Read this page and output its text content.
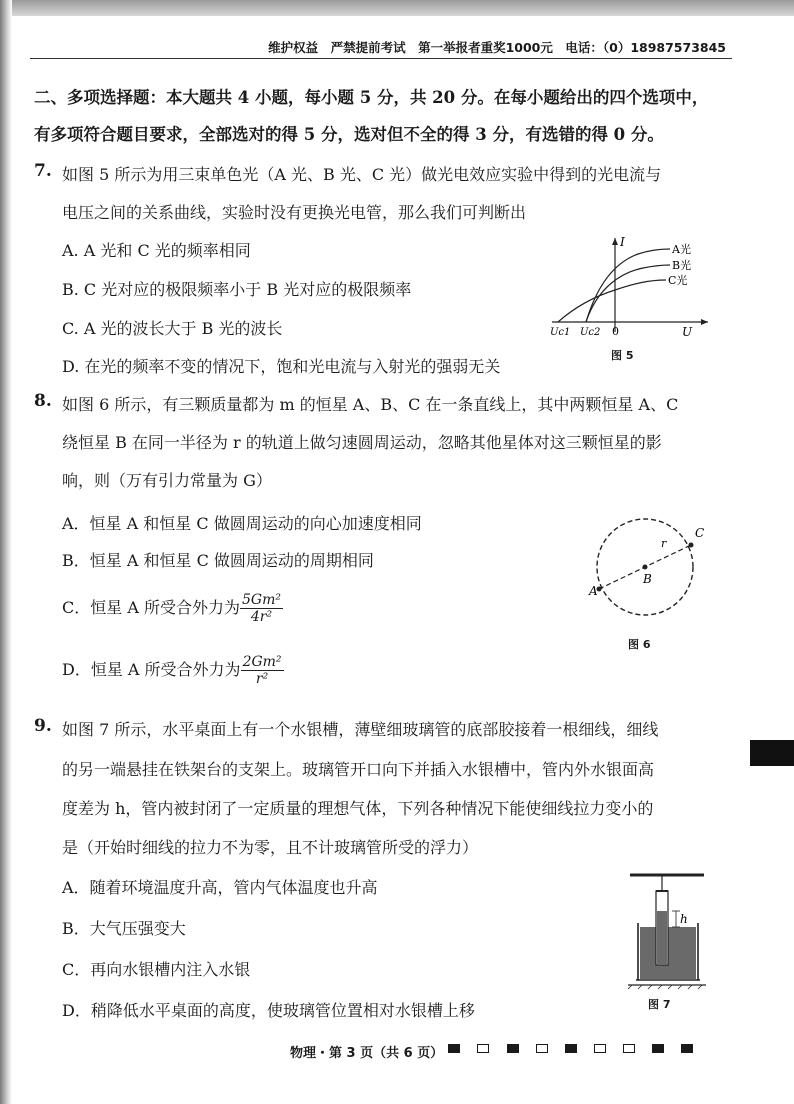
维护权益　严禁提前考试　第一举报者重奖1000元　电话：（0）18987573845
二、多项选择题：本大题共 4 小题，每小题 5 分，共 20 分。在每小题给出的四个选项中，
有多项符合题目要求，全部选对的得 5 分，选对但不全的得 3 分，有选错的得 0 分。
7. 如图 5 所示为用三束单色光（A 光、B 光、C 光）做光电效应实验中得到的光电流与
电压之间的关系曲线，实验时没有更换光电管，那么我们可判断出
A. A 光和 C 光的频率相同
B. C 光对应的极限频率小于 B 光对应的极限频率
C. A 光的波长大于 B 光的波长
D. 在光的频率不变的情况下，饱和光电流与入射光的强弱无关
I
U
0
Uc1 Uc2
A光
B光
C光
图 5
8. 如图 6 所示，有三颗质量都为 m 的恒星 A、B、C 在一条直线上，其中两颗恒星 A、C
绕恒星 B 在同一半径为 r 的轨道上做匀速圆周运动，忽略其他星体对这三颗恒星的影
响，则（万有引力常量为 G）
A．恒星 A 和恒星 C 做圆周运动的向心加速度相同
B．恒星 A 和恒星 C 做圆周运动的周期相同
C．恒星 A 所受合外力为 $\frac{\text{5Gm²}}{\text{4r²}}$
D．恒星 A 所受合外力为 $\frac{\text{2Gm²}}{\text{r²}}$
A
B
C
r
图 6
9. 如图 7 所示，水平桌面上有一个水银槽，薄壁细玻璃管的底部胶接着一根细线，细线
的另一端悬挂在铁架台的支架上。玻璃管开口向下并插入水银槽中，管内外水银面高
度差为 h，管内被封闭了一定质量的理想气体，下列各种情况下能使细线拉力变小的
是（开始时细线的拉力不为零，且不计玻璃管所受的浮力）
A．随着环境温度升高，管内气体温度也升高
B．大气压强变大
C．再向水银槽内注入水银
D．稍降低水平桌面的高度，使玻璃管位置相对水银槽上移
h
图 7
物理・第 3 页（共 6 页）
